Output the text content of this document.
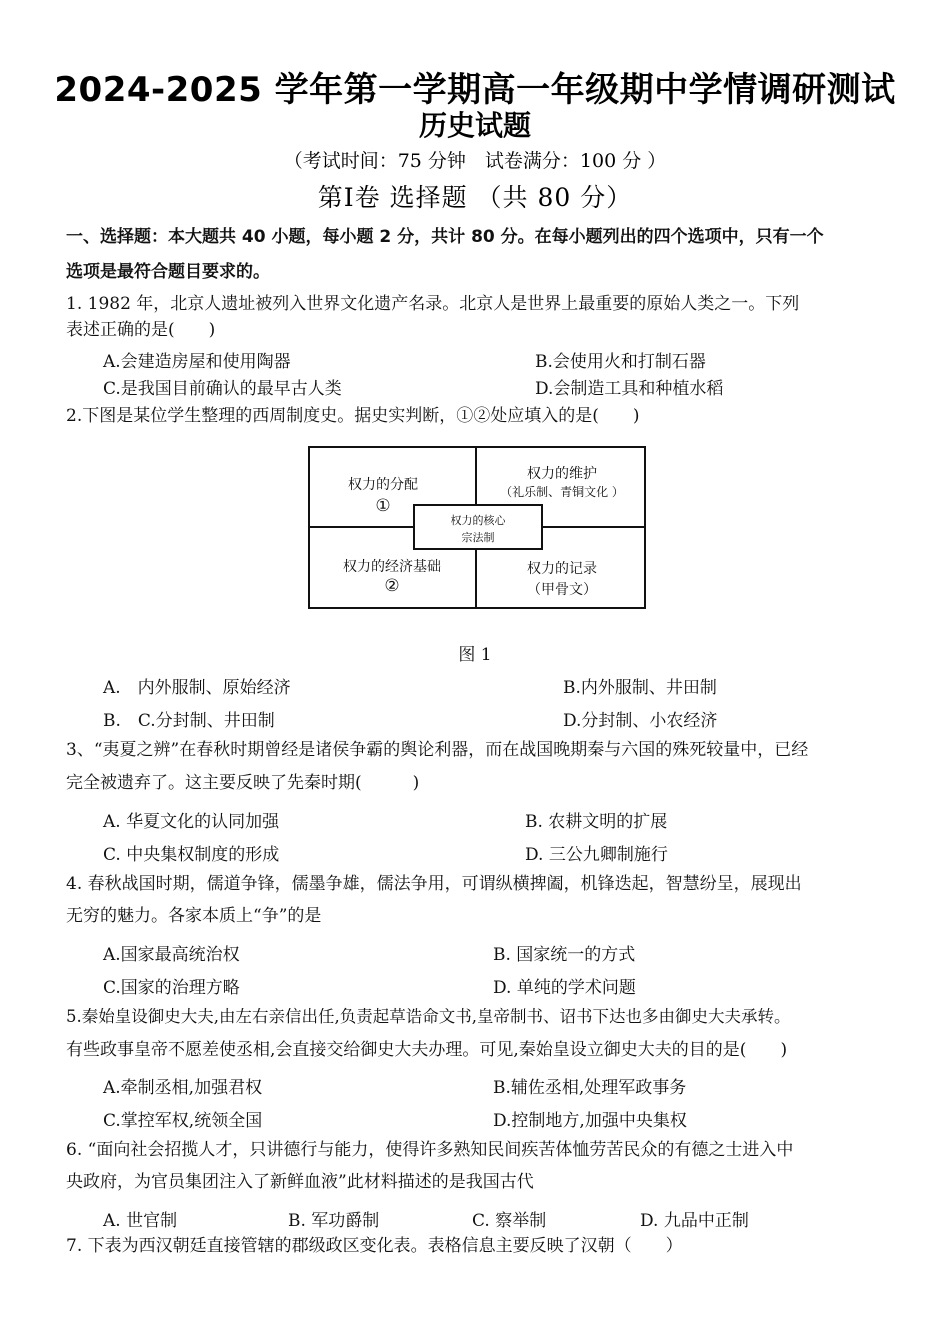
2024-2025 学年第一学期高一年级期中学情调研测试
历史试题
（考试时间：75 分钟　试卷满分：100 分 ）
第Ⅰ卷 选择题 （共 80 分）
一、选择题：本大题共 40 小题，每小题 2 分，共计 80 分。在每小题列出的四个选项中，只有一个
选项是最符合题目要求的。
1. 1982 年，北京人遗址被列入世界文化遗产名录。北京人是世界上最重要的原始人类之一。下列
表述正确的是(　　)
A.会建造房屋和使用陶器	B.会使用火和打制石器
C.是我国目前确认的最早古人类	D.会制造工具和种植水稻
2.下图是某位学生整理的西周制度史。据史实判断，①②处应填入的是(　　)
权力的分配
①
权力的维护
（礼乐制、青铜文化 ）
权力的核心
宗法制
权力的经济基础
②
权力的记录
（甲骨文）
图 1
A.　内外服制、原始经济	B.内外服制、井田制
B.　C.分封制、井田制	D.分封制、小农经济
3、“夷夏之辨”在春秋时期曾经是诸侯争霸的舆论利器，而在战国晚期秦与六国的殊死较量中，已经
完全被遗弃了。这主要反映了先秦时期(　　　)
A. 华夏文化的认同加强	B. 农耕文明的扩展
C. 中央集权制度的形成	D. 三公九卿制施行
4. 春秋战国时期，儒道争锋，儒墨争雄，儒法争用，可谓纵横捭阖，机锋迭起，智慧纷呈，展现出
无穷的魅力。各家本质上“争”的是
A.国家最高统治权	B. 国家统一的方式
C.国家的治理方略	D. 单纯的学术问题
5.秦始皇设御史大夫,由左右亲信出任,负责起草诰命文书,皇帝制书、诏书下达也多由御史大夫承转。
有些政事皇帝不愿差使丞相,会直接交给御史大夫办理。可见,秦始皇设立御史大夫的目的是(　　)
A.牵制丞相,加强君权	B.辅佐丞相,处理军政事务
C.掌控军权,统领全国	D.控制地方,加强中央集权
6. “面向社会招揽人才，只讲德行与能力，使得许多熟知民间疾苦体恤劳苦民众的有德之士进入中
央政府，为官员集团注入了新鲜血液”此材料描述的是我国古代
A. 世官制	B. 军功爵制	C. 察举制	D. 九品中正制
7. 下表为西汉朝廷直接管辖的郡级政区变化表。表格信息主要反映了汉朝（　　）
